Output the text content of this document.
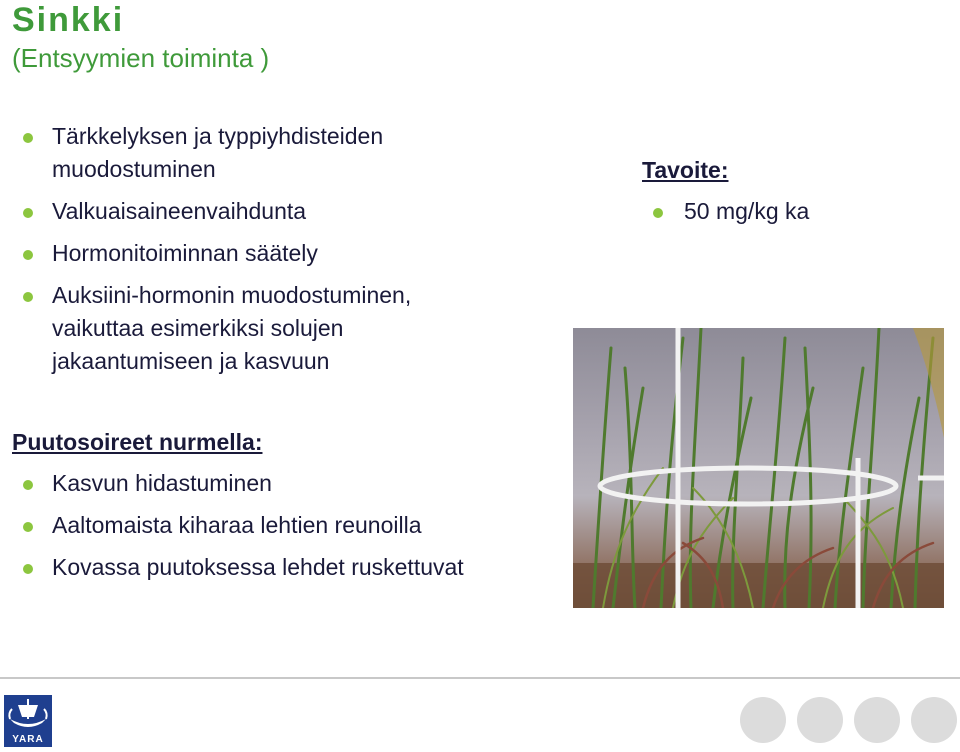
Sinkki
(Entsyymien toiminta )
Tärkkelyksen ja typpiyhdisteiden muodostuminen
Valkuaisaineenvaihdunta
Hormonitoiminnan säätely
Auksiini-hormonin muodostuminen, vaikuttaa esimerkiksi solujen jakaantumiseen ja kasvuun
Puutosoireet nurmella:
Kasvun hidastuminen
Aaltomaista kiharaa lehtien reunoilla
Kovassa puutoksessa lehdet ruskettuvat
Tavoite:
50 mg/kg ka
YARA
